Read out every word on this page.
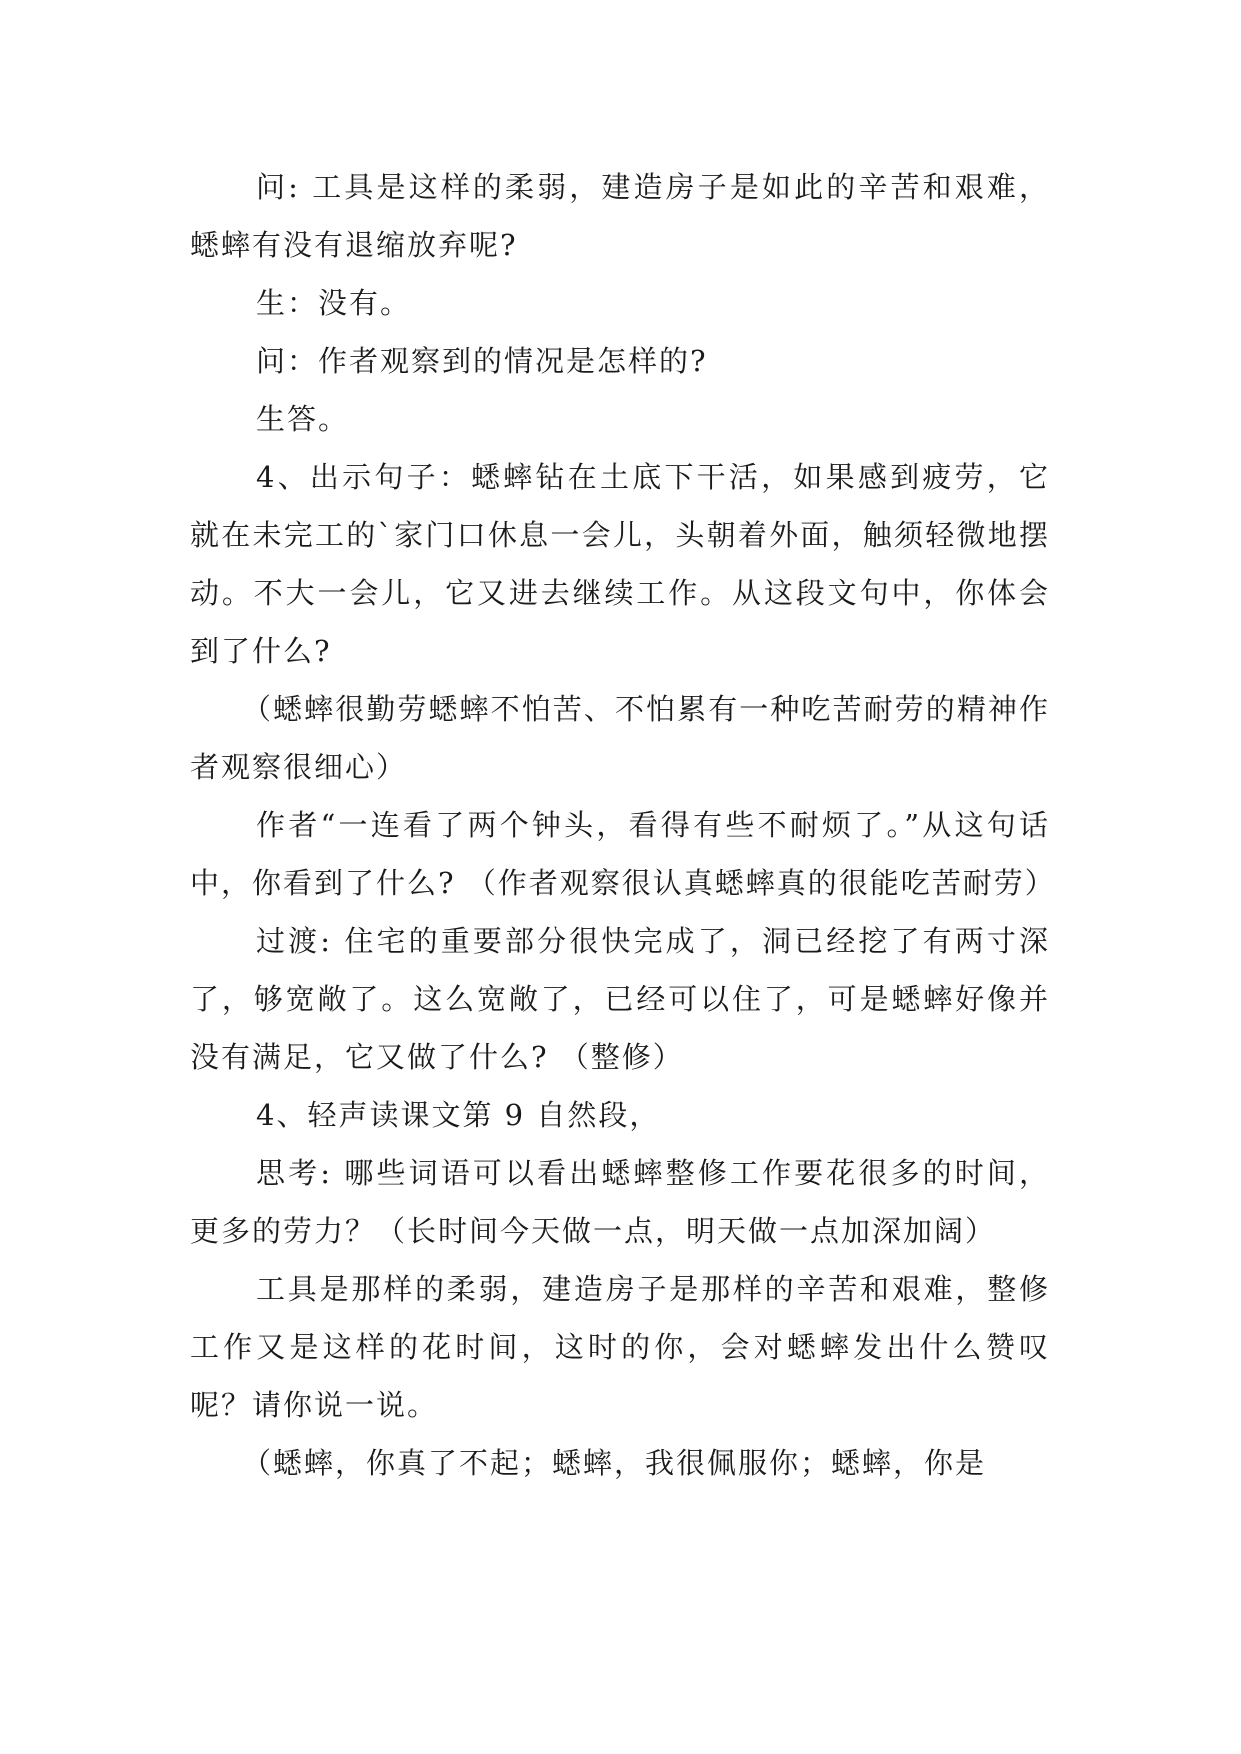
问: 工具是这样的柔弱，建造房子是如此的辛苦和艰难，蟋蟀有没有退缩放弃呢?

生：没有。

问：作者观察到的情况是怎样的?

生答。

4、出示句子：蟋蟀钻在土底下干活，如果感到疲劳，它就在未完工的`家门口休息一会儿，头朝着外面，触须轻微地摆动。不大一会儿，它又进去继续工作。从这段文句中，你体会到了什么?

（蟋蟀很勤劳蟋蟀不怕苦、不怕累有一种吃苦耐劳的精神作者观察很细心）

作者“一连看了两个钟头，看得有些不耐烦了。”从这句话中，你看到了什么? （作者观察很认真蟋蟀真的很能吃苦耐劳）

过渡: 住宅的重要部分很快完成了，洞已经挖了有两寸深了，够宽敞了。这么宽敞了，已经可以住了，可是蟋蟀好像并没有满足，它又做了什么? （整修）

4、轻声读课文第 9 自然段，

思考: 哪些词语可以看出蟋蟀整修工作要花很多的时间，更多的劳力？（长时间今天做一点，明天做一点加深加阔）

工具是那样的柔弱，建造房子是那样的辛苦和艰难，整修工作又是这样的花时间，这时的你，会对蟋蟀发出什么赞叹呢？请你说一说。

（蟋蟀，你真了不起；蟋蟀，我很佩服你；蟋蟀，你是
